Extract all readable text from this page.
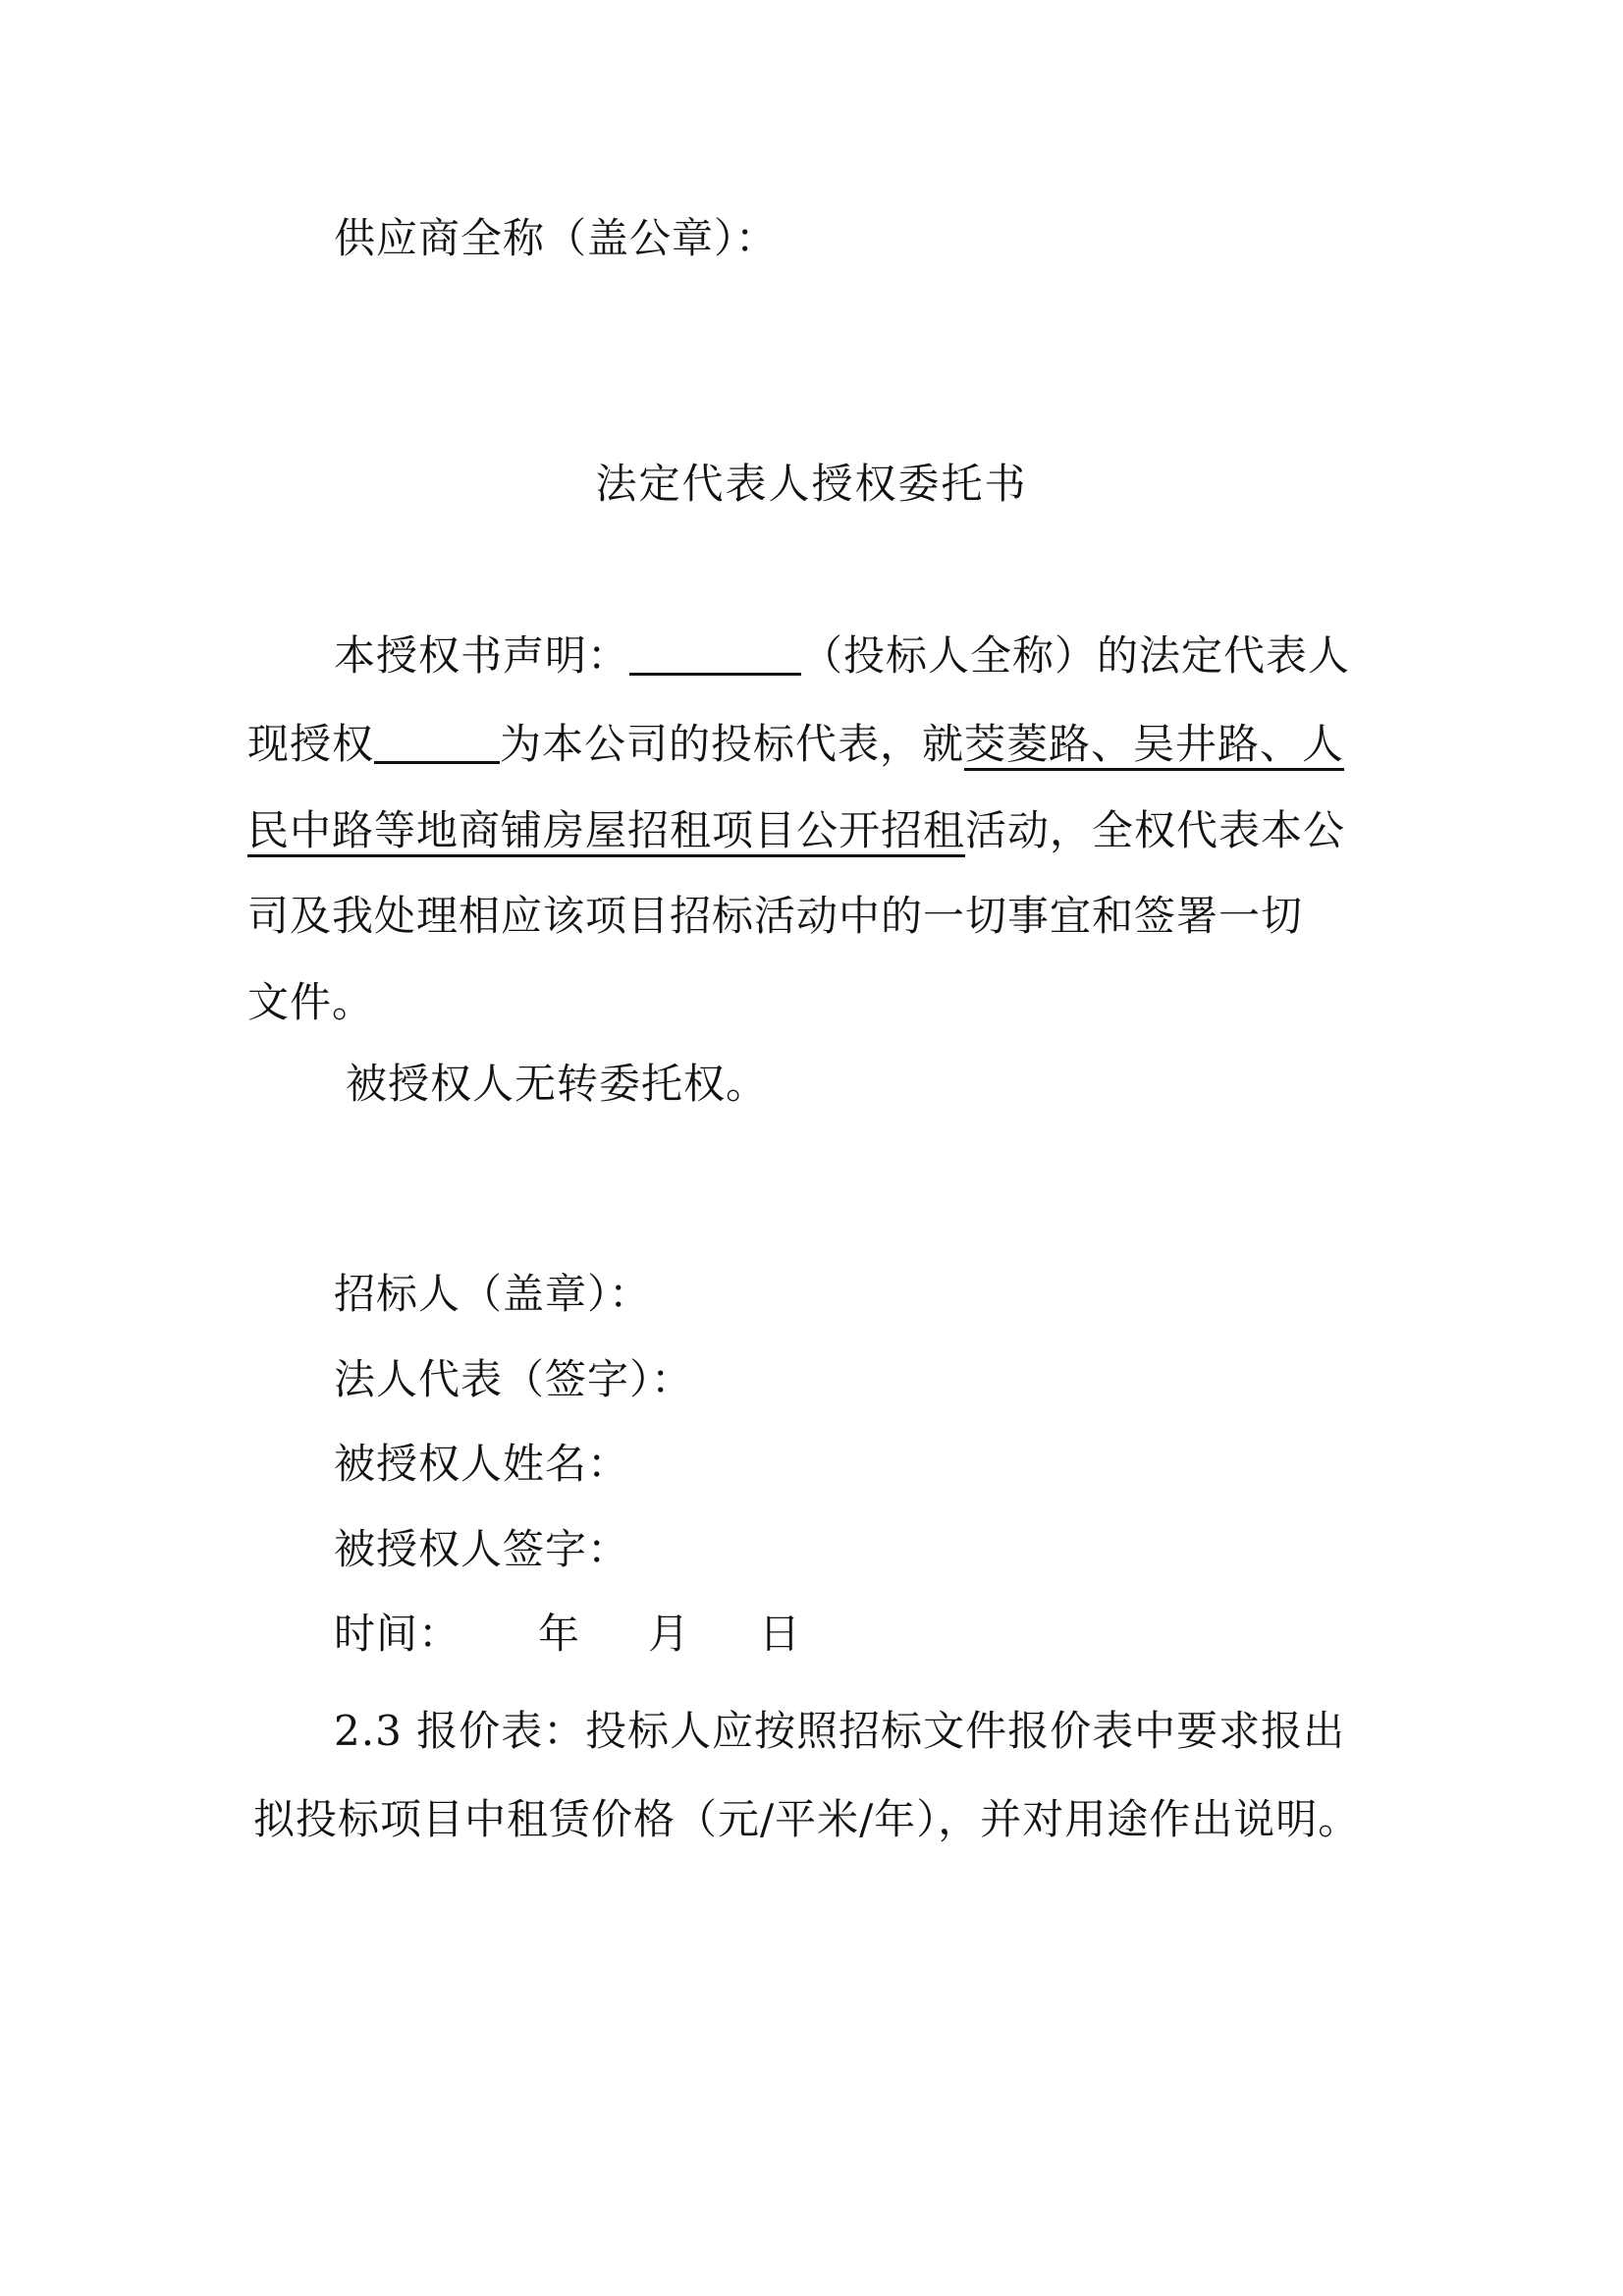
供应商全称（盖公章）：
法定代表人授权委托书
本授权书声明：	（投标人全称）的法定代表人
现授权	为本公司的投标代表，就茭菱路、吴井路、人
民中路等地商铺房屋招租项目公开招租活动，全权代表本公
司及我处理相应该项目招标活动中的一切事宜和签署一切
文件。
被授权人无转委托权。
招标人（盖章）：
法人代表（签字）：
被授权人姓名：
被授权人签字：
时间： 年 月 日
2.3 报价表：投标人应按照招标文件报价表中要求报出
拟投标项目中租赁价格（元/平米/年），并对用途作出说明。
